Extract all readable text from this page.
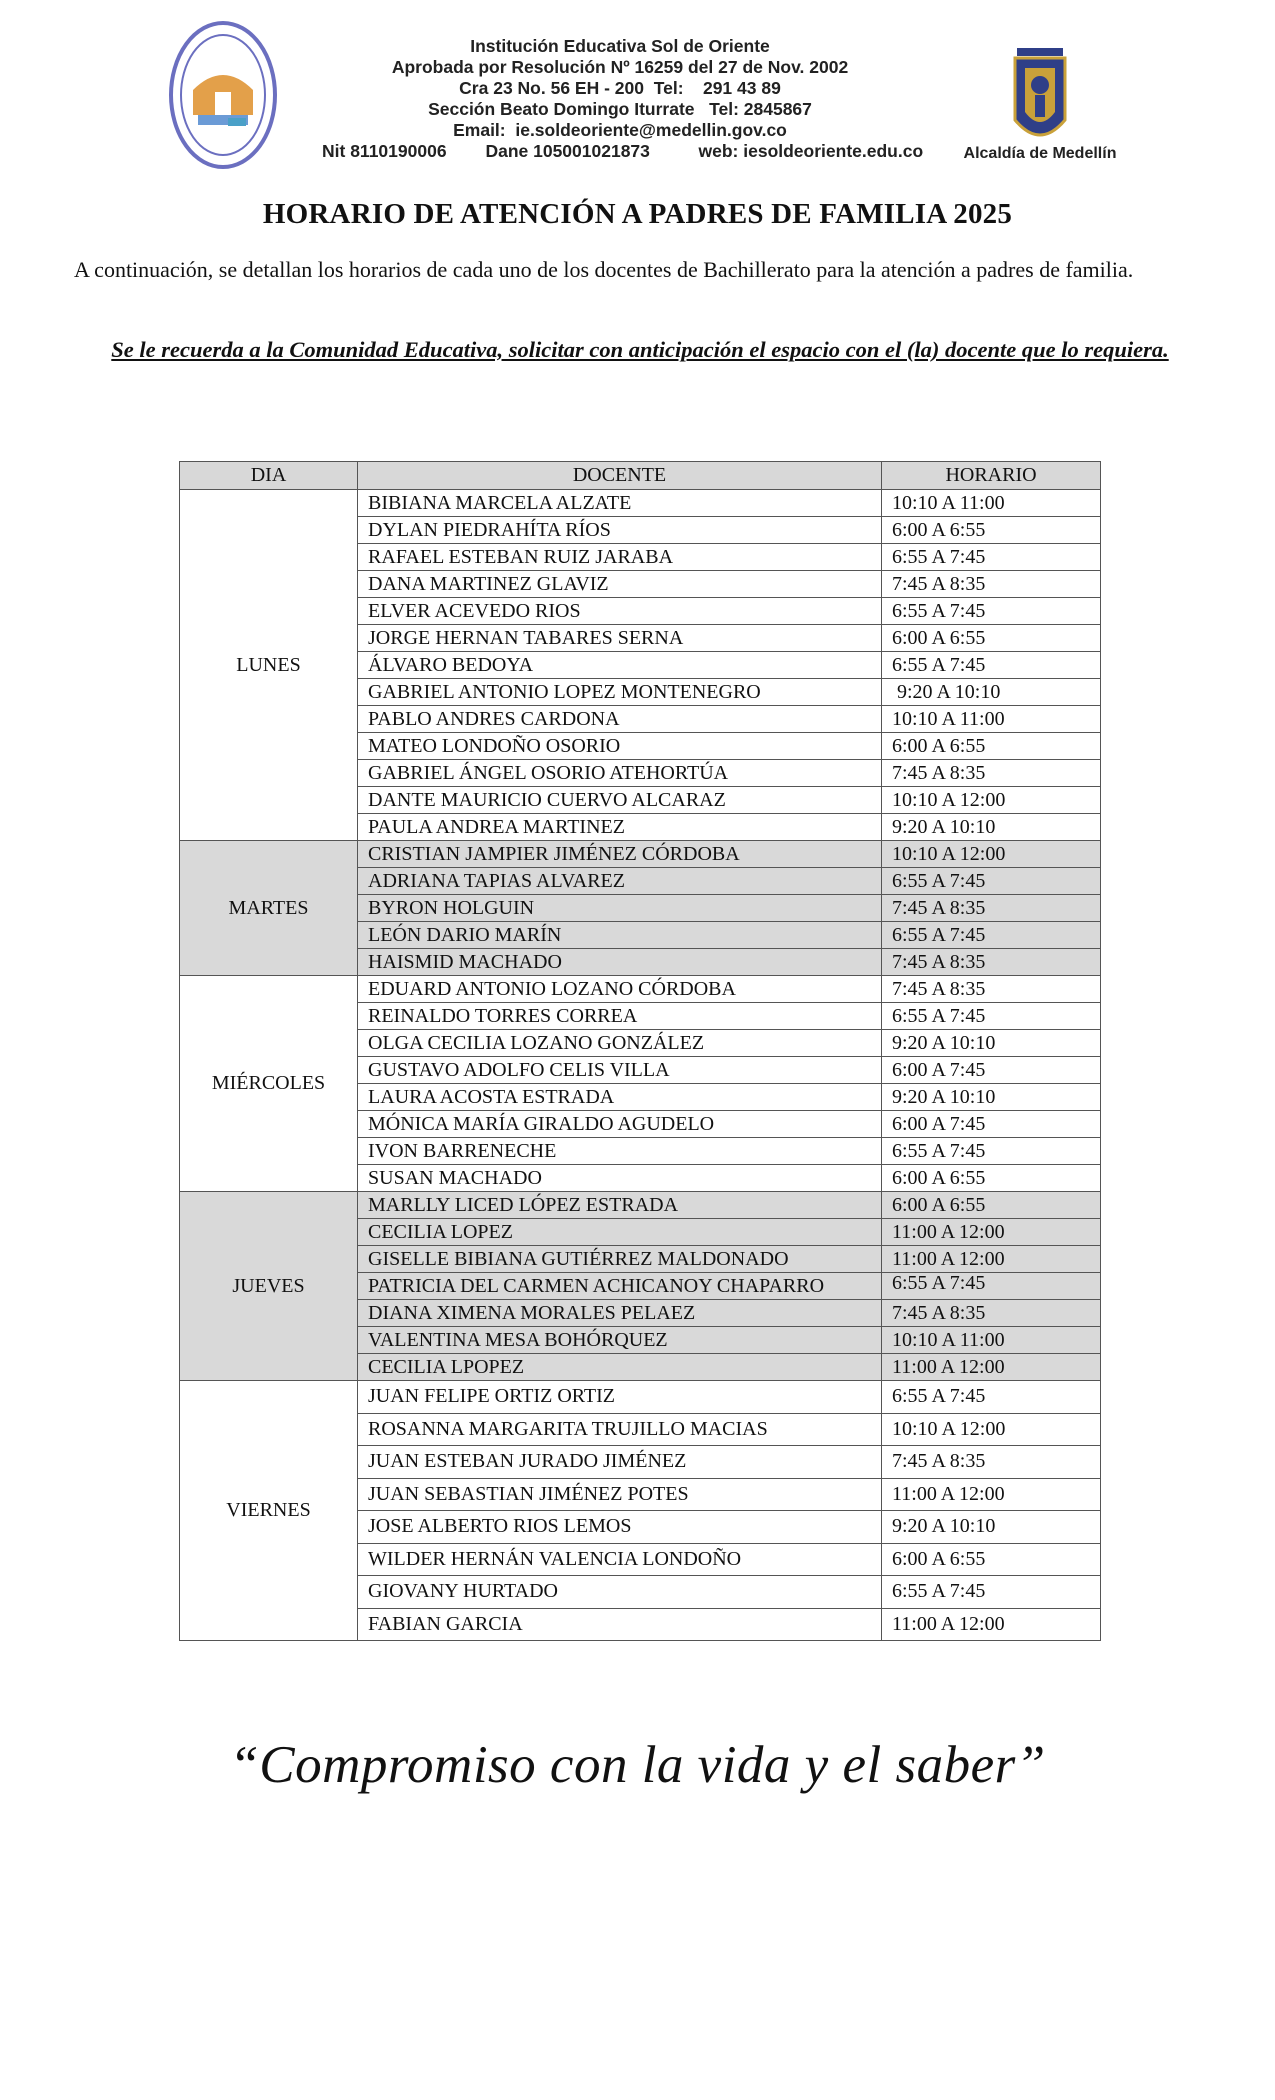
Institución Educativa Sol de Oriente
Aprobada por Resolución Nº 16259 del 27 de Nov. 2002
Cra 23 No. 56 EH - 200  Tel:    291 43 89
Sección Beato Domingo Iturrate   Tel: 2845867
Email:  ie.soldeoriente@medellin.gov.co
Nit 8110190006        Dane 105001021873          web: iesoldeoriente.edu.co	Alcaldía de Medellín
HORARIO DE ATENCIÓN A PADRES DE FAMILIA 2025
A continuación, se detallan los horarios de cada uno de los docentes de Bachillerato para la atención a padres de familia.
Se le recuerda a la Comunidad Educativa, solicitar con anticipación el espacio con el (la) docente que lo requiera.
DIA	DOCENTE	HORARIO
LUNES	BIBIANA MARCELA ALZATE	10:10 A 11:00
	DYLAN PIEDRAHÍTA RÍOS	6:00 A 6:55
	RAFAEL ESTEBAN RUIZ JARABA	6:55 A 7:45
	DANA MARTINEZ GLAVIZ	7:45 A 8:35
	ELVER ACEVEDO RIOS	6:55 A 7:45
	JORGE HERNAN TABARES SERNA	6:00 A 6:55
	ÁLVARO BEDOYA	6:55 A 7:45
	GABRIEL ANTONIO LOPEZ MONTENEGRO	9:20 A 10:10
	PABLO ANDRES CARDONA	10:10 A 11:00
	MATEO LONDOÑO OSORIO	6:00 A 6:55
	GABRIEL ÁNGEL OSORIO ATEHORTÚA	7:45 A 8:35
	DANTE MAURICIO CUERVO ALCARAZ	10:10 A 12:00
	PAULA ANDREA MARTINEZ	9:20 A 10:10
MARTES	CRISTIAN JAMPIER JIMÉNEZ CÓRDOBA	10:10 A 12:00
	ADRIANA TAPIAS ALVAREZ	6:55 A 7:45
	BYRON HOLGUIN	7:45 A 8:35
	LEÓN DARIO MARÍN	6:55 A 7:45
	HAISMID MACHADO	7:45 A 8:35
MIÉRCOLES	EDUARD ANTONIO LOZANO CÓRDOBA	7:45 A 8:35
	REINALDO TORRES CORREA	6:55 A 7:45
	OLGA CECILIA LOZANO GONZÁLEZ	9:20 A 10:10
	GUSTAVO ADOLFO CELIS VILLA	6:00 A 7:45
	LAURA ACOSTA ESTRADA	9:20 A 10:10
	MÓNICA MARÍA GIRALDO AGUDELO	6:00 A 7:45
	IVON BARRENECHE	6:55 A 7:45
	SUSAN MACHADO	6:00 A 6:55
JUEVES	MARLLY LICED LÓPEZ ESTRADA	6:00 A 6:55
	CECILIA LOPEZ	11:00 A 12:00
	GISELLE BIBIANA GUTIÉRREZ MALDONADO	11:00 A 12:00
	PATRICIA DEL CARMEN ACHICANOY CHAPARRO	6:55 A 7:45
	DIANA XIMENA MORALES PELAEZ	7:45 A 8:35
	VALENTINA MESA BOHÓRQUEZ	10:10 A 11:00
	CECILIA LPOPEZ	11:00 A 12:00
VIERNES	JUAN FELIPE ORTIZ ORTIZ	6:55 A 7:45
	ROSANNA MARGARITA TRUJILLO MACIAS	10:10 A 12:00
	JUAN ESTEBAN JURADO JIMÉNEZ	7:45 A 8:35
	JUAN SEBASTIAN JIMÉNEZ POTES	11:00 A 12:00
	JOSE ALBERTO RIOS LEMOS	9:20 A 10:10
	WILDER HERNÁN VALENCIA LONDOÑO	6:00 A 6:55
	GIOVANY HURTADO	6:55 A 7:45
	FABIAN GARCIA	11:00 A 12:00
“Compromiso con la vida y el saber”
